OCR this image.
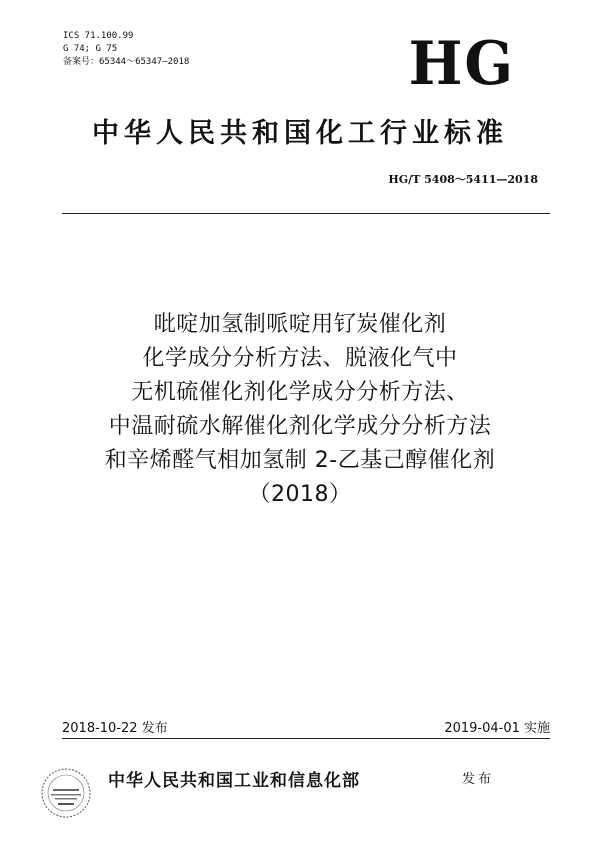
ICS 71.100.99
G 74; G 75
备案号：65344～65347—2018	HG
中华人民共和国化工行业标准
HG/T 5408～5411—2018
吡啶加氢制哌啶用钌炭催化剂
化学成分分析方法、脱液化气中
无机硫催化剂化学成分分析方法、
中温耐硫水解催化剂化学成分分析方法
和辛烯醛气相加氢制 2-乙基己醇催化剂
（2018）
2018-10-22 发布	2019-04-01 实施
中华人民共和国工业和信息化部	发布
